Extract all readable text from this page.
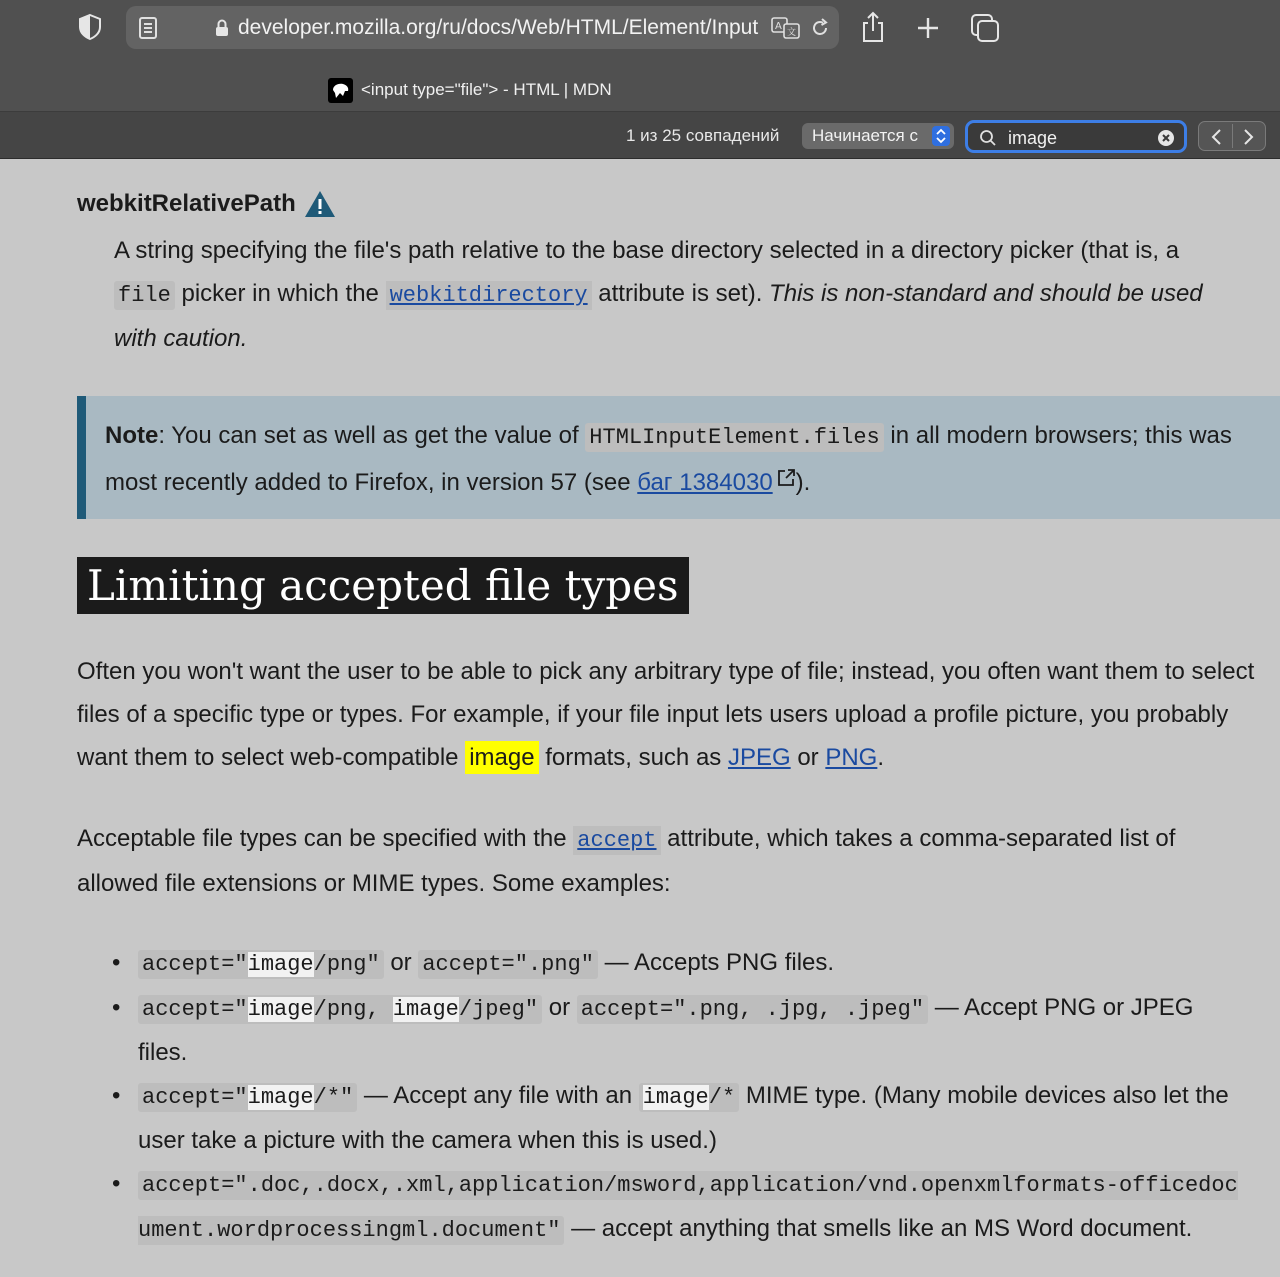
A
文
developer.mozilla.org/ru/docs/Web/HTML/Element/Input
<input type="file"> - HTML | MDN
1 из 25 совпадений Начинается с
image
webkitRelativePath
A string specifying the file's path relative to the base directory selected in a directory picker (that is, a file picker in which the webkitdirectory attribute is set). This is non-standard and should be used with caution.
Note: You can set as well as get the value of HTMLInputElement.files in all modern browsers; this was most recently added to Firefox, in version 57 (see баг 1384030 ).
Limiting accepted file types
Often you won't want the user to be able to pick any arbitrary type of file; instead, you often want them to select files of a specific type or types. For example, if your file input lets users upload a profile picture, you probably want them to select web-compatible image formats, such as JPEG or PNG.
Acceptable file types can be specified with the accept attribute, which takes a comma-separated list of allowed file extensions or MIME types. Some examples:
• accept="image/png" or accept=".png" — Accepts PNG files.
• accept="image/png, image/jpeg" or accept=".png, .jpg, .jpeg" — Accept PNG or JPEG files.
• accept="image/*" — Accept any file with an image/* MIME type. (Many mobile devices also let the user take a picture with the camera when this is used.)
• accept=".doc,.docx,.xml,application/msword,application/vnd.openxmlformats-officedocument.wordprocessingml.document" — accept anything that smells like an MS Word document.
